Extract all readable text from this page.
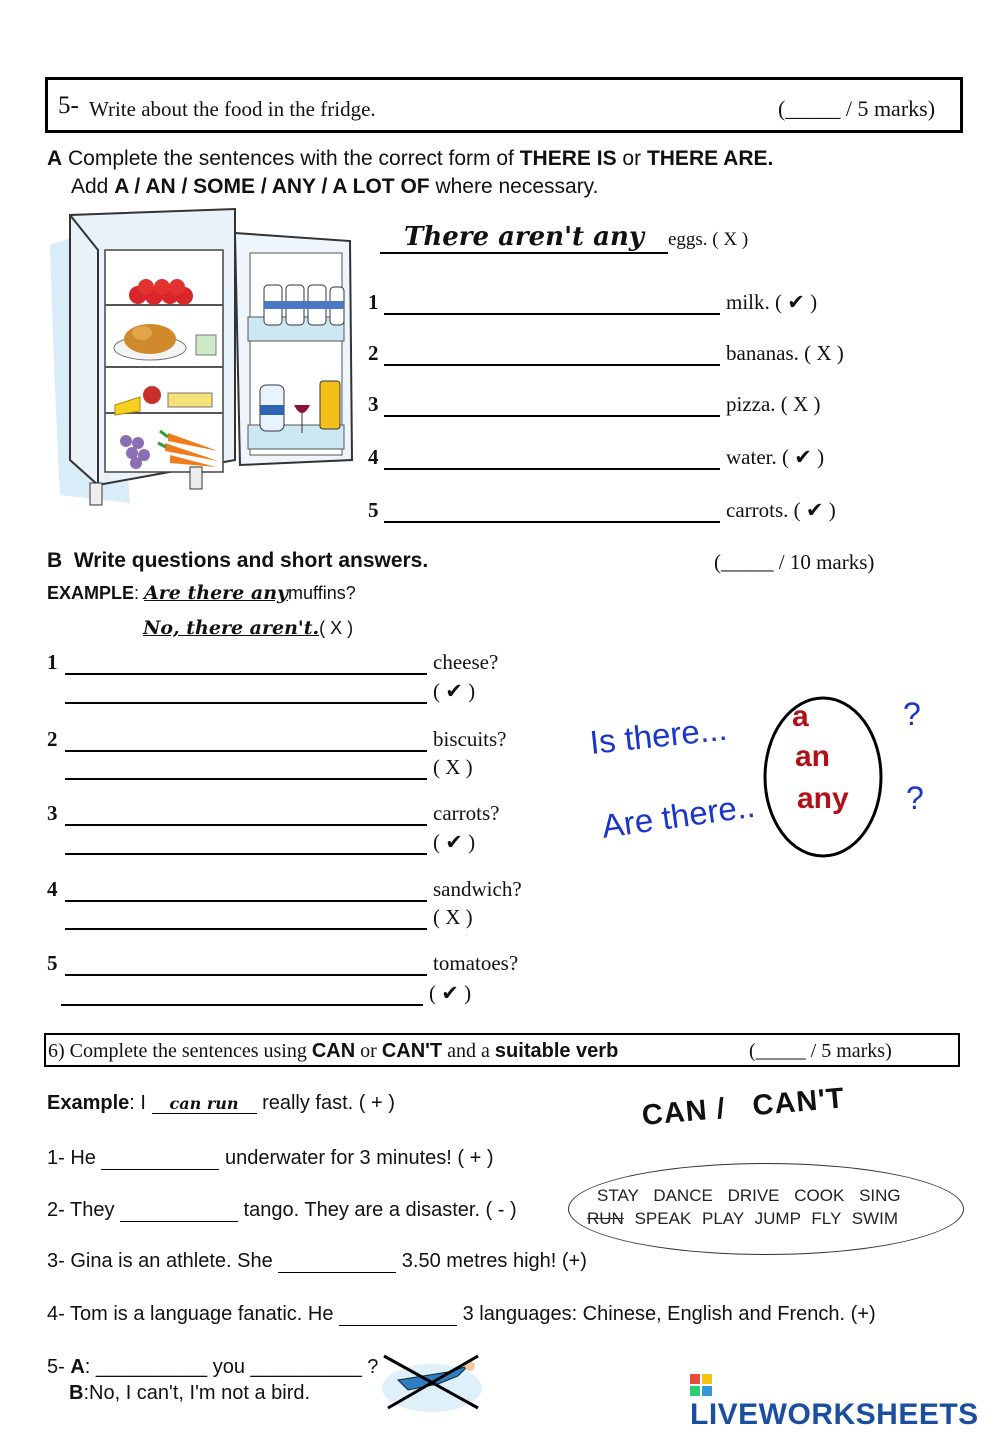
5- Write about the food in the fridge.	(_____ / 5 marks)
A Complete the sentences with the correct form of THERE IS or THERE ARE.
Add A / AN / SOME / ANY / A LOT OF where necessary.
There aren't any eggs. ( X )
1	milk. ( ✔ )
2	bananas. ( X )
3	pizza. ( X )
4	water. ( ✔ )
5	carrots. ( ✔ )
B Write questions and short answers.	(_____ / 10 marks)
EXAMPLE: Are there anymuffins?
No, there aren't.( X )
1	cheese?
( ✔ )
2	biscuits?
( X )
3	carrots?
( ✔ )
4	sandwich?
( X )
5	tomatoes?
( ✔ )
Is there...
Are there..
a
an
any
?
?
6) Complete the sentences using CAN or CAN'T and a suitable verb	(_____ / 5 marks)
Example: I can run really fast. ( + )
1- He	underwater for 3 minutes! ( + )
2- They	tango. They are a disaster. ( - )
3- Gina is an athlete. She	3.50 metres high! (+)
4- Tom is a language fanatic. He	3 languages: Chinese, English and French. (+)
5- A: __________ you __________ ?
B:No, I can't, I'm not a bird.
CAN /   CAN'T
STAY DANCE DRIVE COOK SING
RUN SPEAK PLAY JUMP FLY SWIM
LIVEWORKSHEETS
